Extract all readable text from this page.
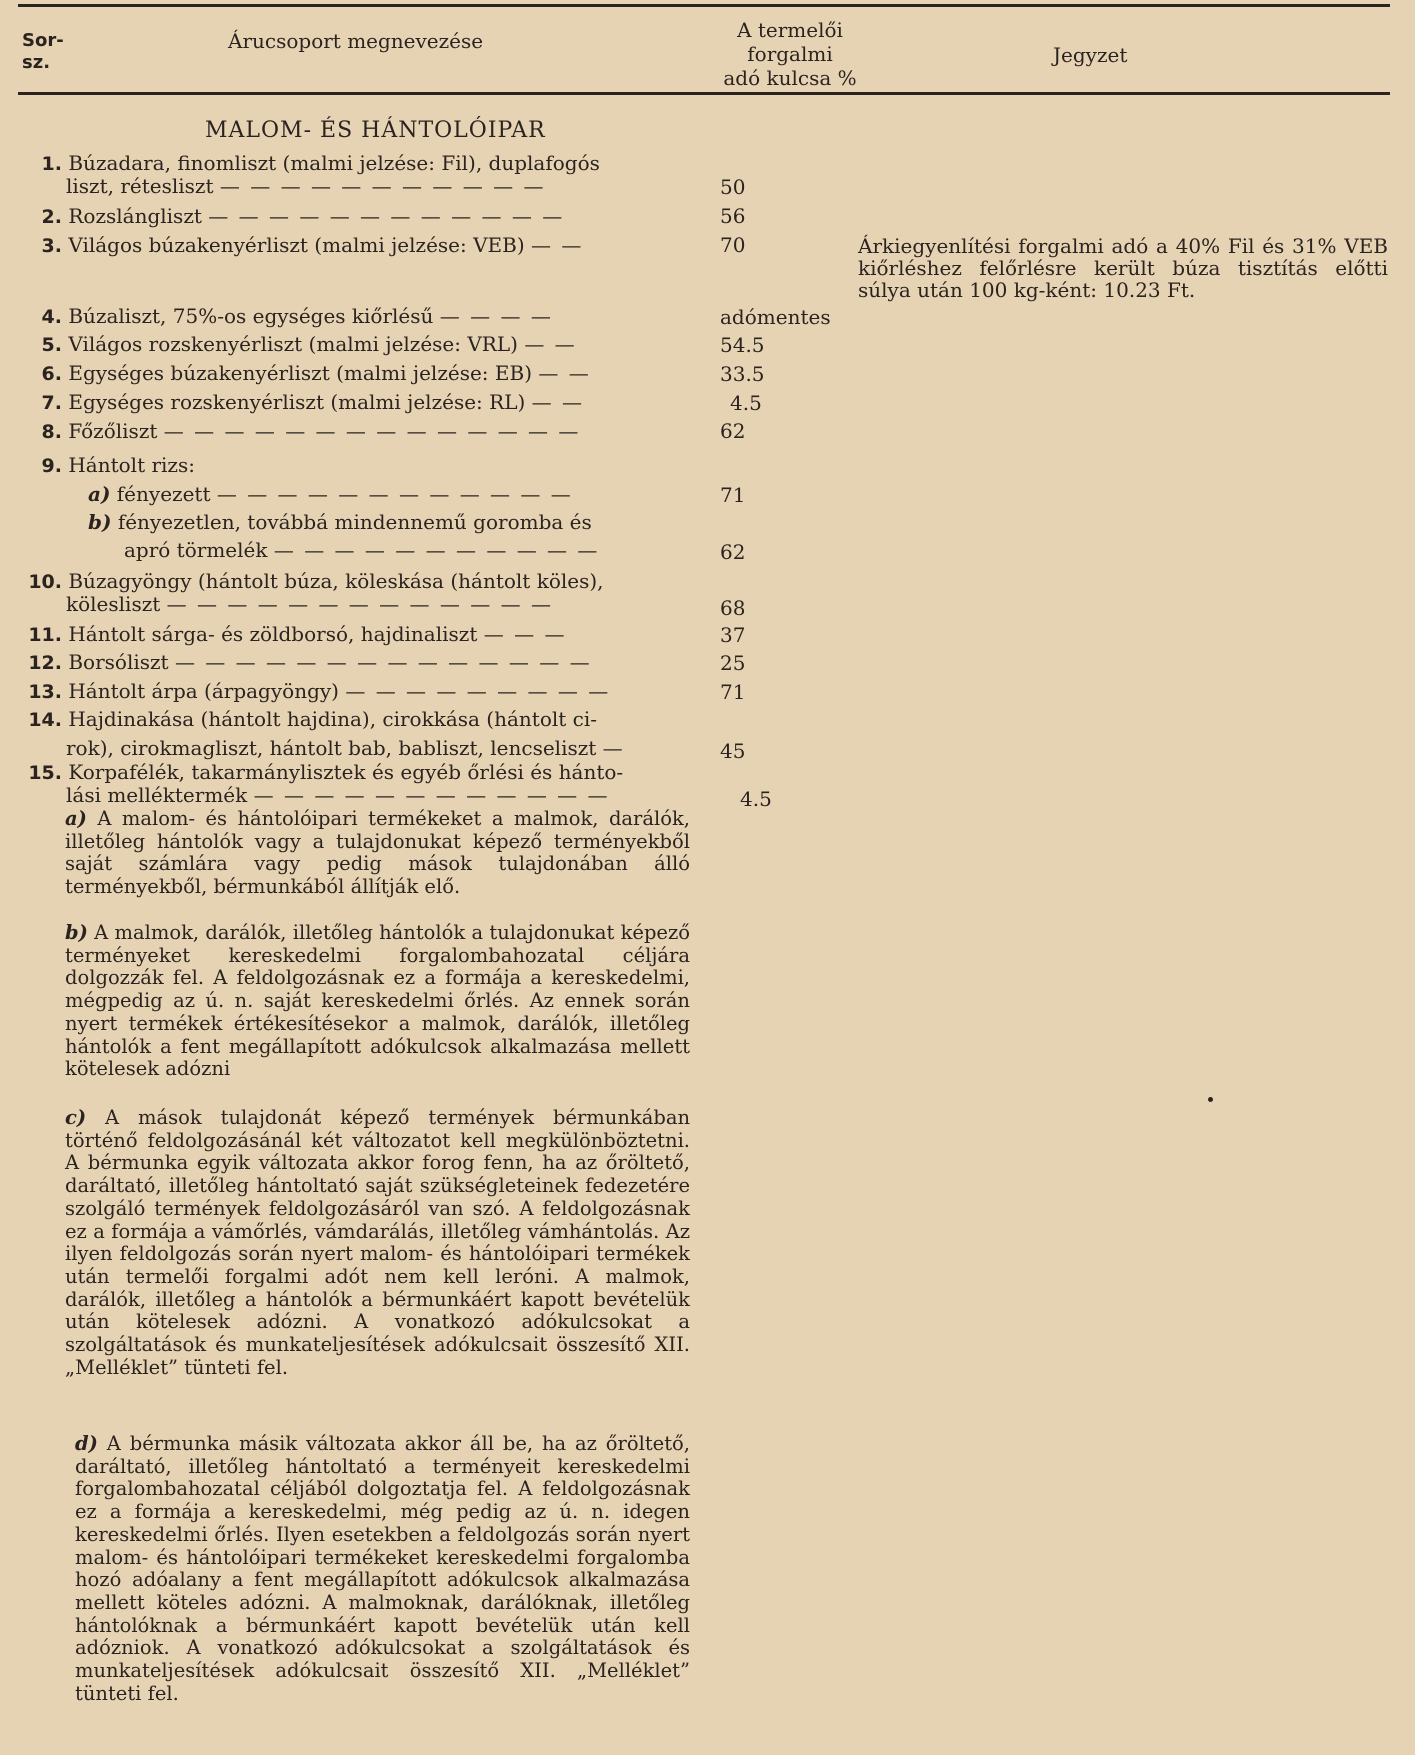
Sor-
sz.
Árucsoport megnevezése	A termelői
forgalmi
adó kulcsa %
Jegyzet
MALOM- ÉS HÁNTOLÓIPAR
1. Búzadara, finomliszt (malmi jelzése: Fil), duplafogós
liszt, rétesliszt — — — — — — — — — — —	50
2. Rozslángliszt — — — — — — — — — — — —	56
3. Világos búzakenyérliszt (malmi jelzése: VEB) — —	70	Árkiegyenlítési forgalmi adó a 40% Fil és 31% VEB kiőrléshez felőrlésre került búza tisztítás előtti súlya után 100 kg-ként: 10.23 Ft.
4. Búzaliszt, 75%-os egységes kiőrlésű — — — —	adómentes
5. Világos rozskenyérliszt (malmi jelzése: VRL) — —	54.5
6. Egységes búzakenyérliszt (malmi jelzése: EB) — —	33.5
7. Egységes rozskenyérliszt (malmi jelzése: RL) — —	4.5
8. Főzőliszt — — — — — — — — — — — — — —	62
9. Hántolt rizs:
a) fényezett — — — — — — — — — — — —	71
b) fényezetlen, továbbá mindennemű goromba és
apró törmelék — — — — — — — — — — —	62
10. Búzagyöngy (hántolt búza, köleskása (hántolt köles),
kölesliszt — — — — — — — — — — — — —	68
11. Hántolt sárga- és zöldborsó, hajdinaliszt — — —	37
12. Borsóliszt — — — — — — — — — — — — — —	25
13. Hántolt árpa (árpagyöngy) — — — — — — — — —	71
14. Hajdinakása (hántolt hajdina), cirokkása (hántolt ci-
rok), cirokmagliszt, hántolt bab, babliszt, lencseliszt —	45
15. Korpafélék, takarmánylisztek és egyéb őrlési és hánto-
lási melléktermék — — — — — — — — — — — —	4.5
a) A malom- és hántolóipari termékeket a malmok, darálók, illetőleg hántolók vagy a tulajdonukat képező terményekből saját számlára vagy pedig mások tulajdonában álló terményekből, bérmunkából állítják elő.
b) A malmok, darálók, illetőleg hántolók a tulajdonukat képező terményeket kereskedelmi forgalombahozatal céljára dolgozzák fel. A feldolgozásnak ez a formája a kereskedelmi, mégpedig az ú. n. saját kereskedelmi őrlés. Az ennek során nyert termékek értékesítésekor a malmok, darálók, illetőleg hántolók a fent megállapított adókulcsok alkalmazása mellett kötelesek adózni
c) A mások tulajdonát képező termények bérmunkában történő feldolgozásánál két változatot kell megkülönböztetni. A bérmunka egyik változata akkor forog fenn, ha az őröltető, daráltató, illetőleg hántoltató saját szükségleteinek fedezetére szolgáló termények feldolgozásáról van szó. A feldolgozásnak ez a formája a vámőrlés, vámdarálás, illetőleg vámhántolás. Az ilyen feldolgozás során nyert malom- és hántolóipari termékek után termelői forgalmi adót nem kell leróni. A malmok, darálók, illetőleg a hántolók a bérmunkáért kapott bevételük után kötelesek adózni. A vonatkozó adókulcsokat a szolgáltatások és munkateljesítések adókulcsait összesítő XII. „Melléklet” tünteti fel.
d) A bérmunka másik változata akkor áll be, ha az őröltető, daráltató, illetőleg hántoltató a terményeit kereskedelmi forgalombahozatal céljából dolgoztatja fel. A feldolgozásnak ez a formája a kereskedelmi, még pedig az ú. n. idegen kereskedelmi őrlés. Ilyen esetekben a feldolgozás során nyert malom- és hántolóipari termékeket kereskedelmi forgalomba hozó adóalany a fent megállapított adókulcsok alkalmazása mellett köteles adózni. A malmoknak, darálóknak, illetőleg hántolóknak a bérmunkáért kapott bevételük után kell adózniok. A vonatkozó adókulcsokat a szolgáltatások és munkateljesítések adókulcsait összesítő XII. „Melléklet” tünteti fel.
